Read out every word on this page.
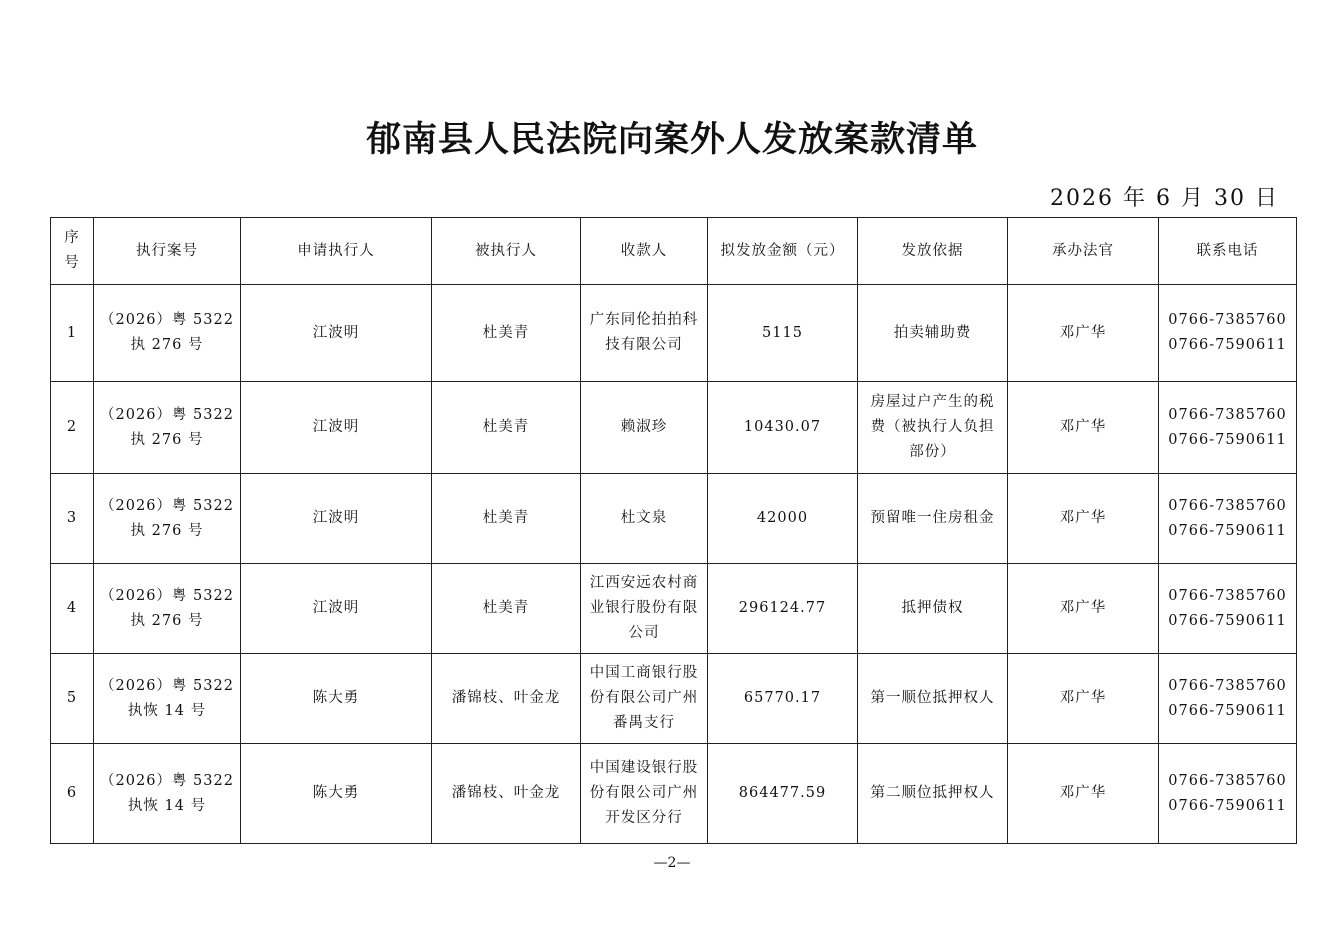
郁南县人民法院向案外人发放案款清单
2026 年 6 月 30 日
序号	执行案号	申请执行人	被执行人	收款人	拟发放金额（元）	发放依据	承办法官	联系电话
1	（2026）粤 5322 执 276 号	江波明	杜美青	广东同伦拍拍科技有限公司	5115	拍卖辅助费	邓广华	0766-7385760
0766-7590611

2	（2026）粤 5322 执 276 号	江波明	杜美青	赖淑珍	10430.07	房屋过户产生的税费（被执行人负担部份）	邓广华	0766-7385760
0766-7590611

3	（2026）粤 5322 执 276 号	江波明	杜美青	杜文泉	42000	预留唯一住房租金	邓广华	0766-7385760
0766-7590611

4	（2026）粤 5322 执 276 号	江波明	杜美青	江西安远农村商业银行股份有限公司	296124.77	抵押债权	邓广华	0766-7385760
0766-7590611

5	（2026）粤 5322 执恢 14 号	陈大勇	潘锦枝、叶金龙	中国工商银行股份有限公司广州番禺支行	65770.17	第一顺位抵押权人	邓广华	0766-7385760
0766-7590611

6	（2026）粤 5322 执恢 14 号	陈大勇	潘锦枝、叶金龙	中国建设银行股份有限公司广州开发区分行	864477.59	第二顺位抵押权人	邓广华	0766-7385760
0766-7590611
—2—
